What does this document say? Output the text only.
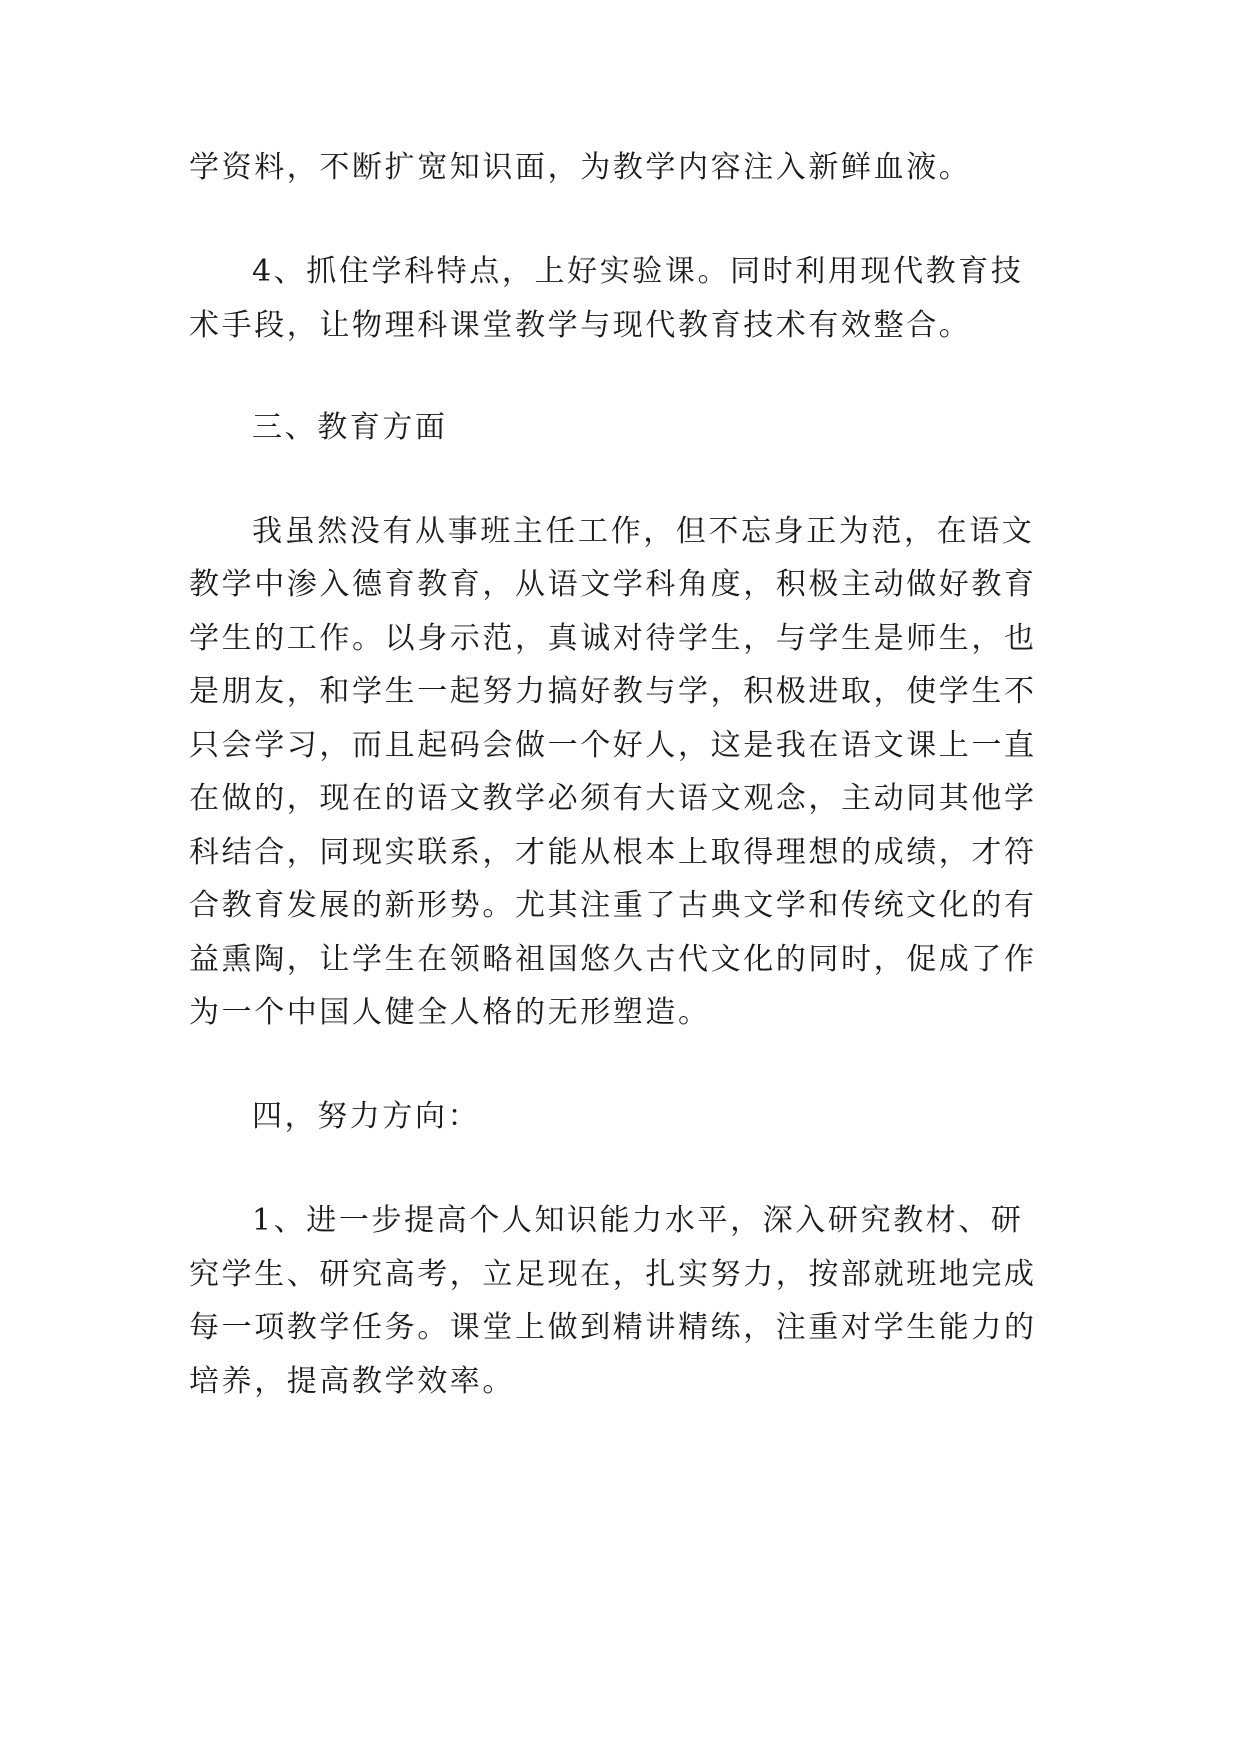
学资料，不断扩宽知识面，为教学内容注入新鲜血液。

4、抓住学科特点，上好实验课。同时利用现代教育技

术手段，让物理科课堂教学与现代教育技术有效整合。

三、教育方面

我虽然没有从事班主任工作，但不忘身正为范，在语文

教学中渗入德育教育，从语文学科角度，积极主动做好教育

学生的工作。以身示范，真诚对待学生，与学生是师生，也

是朋友，和学生一起努力搞好教与学，积极进取，使学生不

只会学习，而且起码会做一个好人，这是我在语文课上一直

在做的，现在的语文教学必须有大语文观念，主动同其他学

科结合，同现实联系，才能从根本上取得理想的成绩，才符

合教育发展的新形势。尤其注重了古典文学和传统文化的有

益熏陶，让学生在领略祖国悠久古代文化的同时，促成了作

为一个中国人健全人格的无形塑造。

四，努力方向：

1、进一步提高个人知识能力水平，深入研究教材、研

究学生、研究高考，立足现在，扎实努力，按部就班地完成

每一项教学任务。课堂上做到精讲精练，注重对学生能力的

培养，提高教学效率。
